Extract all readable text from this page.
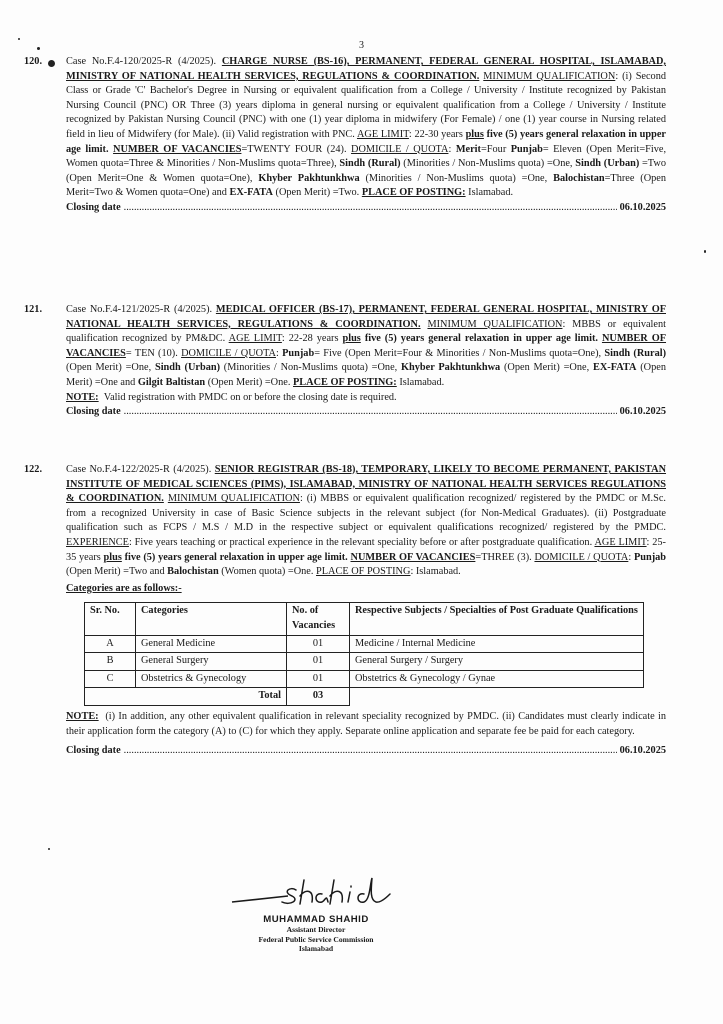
3
120. Case No.F.4-120/2025-R (4/2025). CHARGE NURSE (BS-16), PERMANENT, FEDERAL GENERAL HOSPITAL, ISLAMABAD, MINISTRY OF NATIONAL HEALTH SERVICES, REGULATIONS & COORDINATION. MINIMUM QUALIFICATION: (i) Second Class or Grade 'C' Bachelor's Degree in Nursing or equivalent qualification from a College / University / Institute recognized by Pakistan Nursing Council (PNC) OR Three (3) years diploma in general nursing or equivalent qualification from a College / University / Institute recognized by Pakistan Nursing Council (PNC) with one (1) year diploma in midwifery (For Female) / one (1) year course in Nursing related field in lieu of Midwifery (for Male). (ii) Valid registration with PNC. AGE LIMIT: 22-30 years plus five (5) years general relaxation in upper age limit. NUMBER OF VACANCIES=TWENTY FOUR (24). DOMICILE / QUOTA: Merit=Four Punjab= Eleven (Open Merit=Five, Women quota=Three & Minorities / Non-Muslims quota=Three), Sindh (Rural) (Minorities / Non-Muslims quota) =One, Sindh (Urban) =Two (Open Merit=One & Women quota=One), Khyber Pakhtunkhwa (Minorities / Non-Muslims quota) =One, Balochistan=Three (Open Merit=Two & Women quota=One) and EX-FATA (Open Merit) =Two. PLACE OF POSTING: Islamabad.
Closing date .....	06.10.2025
121. Case No.F.4-121/2025-R (4/2025). MEDICAL OFFICER (BS-17), PERMANENT, FEDERAL GENERAL HOSPITAL, MINISTRY OF NATIONAL HEALTH SERVICES, REGULATIONS & COORDINATION. MINIMUM QUALIFICATION: MBBS or equivalent qualification recognized by PM&DC. AGE LIMIT: 22-28 years plus five (5) years general relaxation in upper age limit. NUMBER OF VACANCIES= TEN (10). DOMICILE / QUOTA: Punjab= Five (Open Merit=Four & Minorities / Non-Muslims quota=One), Sindh (Rural) (Open Merit) =One, Sindh (Urban) (Minorities / Non-Muslims quota) =One, Khyber Pakhtunkhwa (Open Merit) =One, EX-FATA (Open Merit) =One and Gilgit Baltistan (Open Merit) =One. PLACE OF POSTING: Islamabad.
NOTE: Valid registration with PMDC on or before the closing date is required.
Closing date .....	06.10.2025
122. Case No.F.4-122/2025-R (4/2025). SENIOR REGISTRAR (BS-18), TEMPORARY, LIKELY TO BECOME PERMANENT, PAKISTAN INSTITUTE OF MEDICAL SCIENCES (PIMS), ISLAMABAD, MINISTRY OF NATIONAL HEALTH SERVICES REGULATIONS & COORDINATION. MINIMUM QUALIFICATION: (i) MBBS or equivalent qualification recognized/ registered by the PMDC or M.Sc. from a recognized University in case of Basic Science subjects in the relevant subject (for Non-Medical Graduates). (ii) Postgraduate qualification such as FCPS / M.S / M.D in the respective subject or equivalent qualifications recognized/ registered by the PMDC. EXPERIENCE: Five years teaching or practical experience in the relevant speciality before or after postgraduate qualification. AGE LIMIT: 25-35 years plus five (5) years general relaxation in upper age limit. NUMBER OF VACANCIES=THREE (3). DOMICILE / QUOTA: Punjab (Open Merit) =Two and Balochistan (Women quota) =One. PLACE OF POSTING: Islamabad.
Categories are as follows:-
Sr. No.	Categories	No. of Vacancies	Respective Subjects / Specialties of Post Graduate Qualifications
A	General Medicine	01	Medicine / Internal Medicine
B	General Surgery	01	General Surgery / Surgery
C	Obstetrics & Gynecology	01	Obstetrics & Gynecology / Gynae
Total		03	
NOTE: (i) In addition, any other equivalent qualification in relevant speciality recognized by PMDC. (ii) Candidates must clearly indicate in their application form the category (A) to (C) for which they apply. Separate online application and separate fee be paid for each category.
Closing date .....	06.10.2025
MUHAMMAD SHAHID
Assistant Director
Federal Public Service Commission
Islamabad
